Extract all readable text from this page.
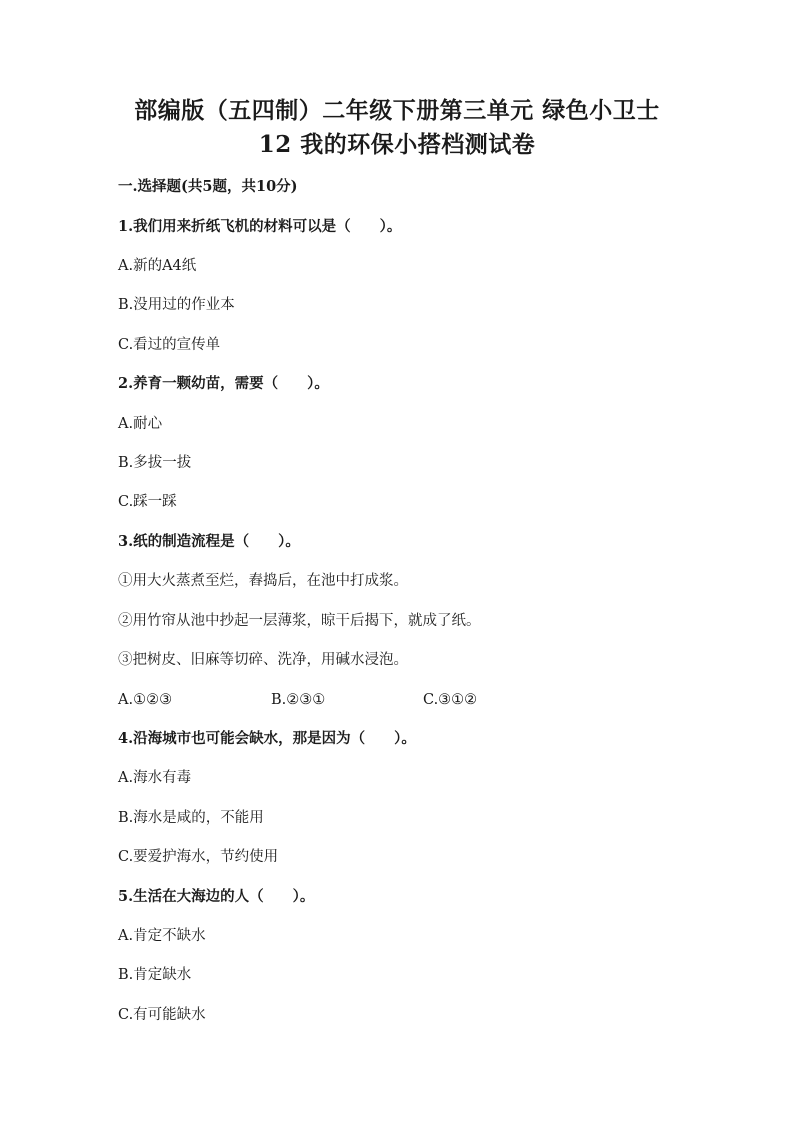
部编版（五四制）二年级下册第三单元 绿色小卫士
12 我的环保小搭档测试卷
一.选择题(共5题，共10分)
1.我们用来折纸飞机的材料可以是（　　）。
A.新的A4纸
B.没用过的作业本
C.看过的宣传单
2.养育一颗幼苗，需要（　　）。
A.耐心
B.多拔一拔
C.踩一踩
3.纸的制造流程是（　　）。
①用大火蒸煮至烂，舂捣后，在池中打成浆。
②用竹帘从池中抄起一层薄浆，晾干后揭下，就成了纸。
③把树皮、旧麻等切碎、洗净，用碱水浸泡。
A.①②③	B.②③①	C.③①②
4.沿海城市也可能会缺水，那是因为（　　）。
A.海水有毒
B.海水是咸的，不能用
C.要爱护海水，节约使用
5.生活在大海边的人（　　）。
A.肯定不缺水
B.肯定缺水
C.有可能缺水
